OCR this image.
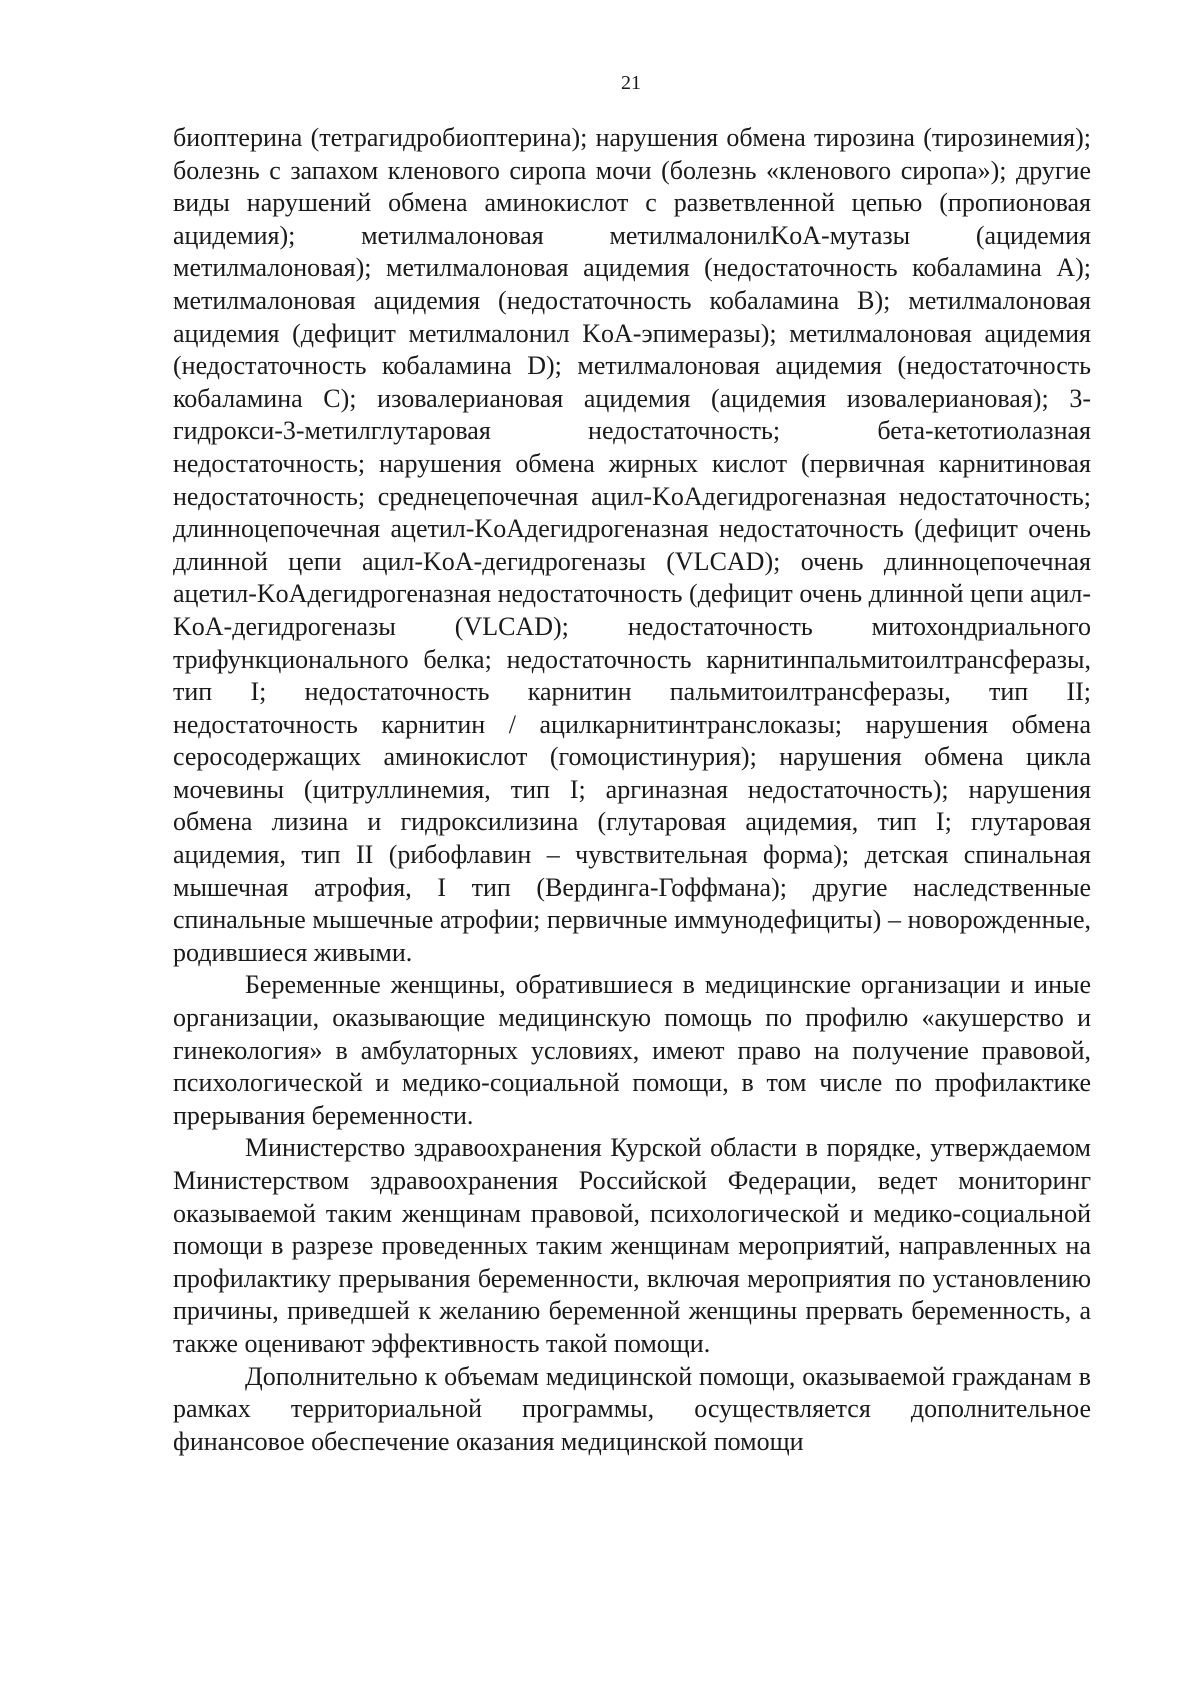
21

биоптерина (тетрагидробиоптерина); нарушения обмена тирозина (тирозинемия); болезнь с запахом кленового сиропа мочи (болезнь «кленового сиропа»); другие виды нарушений обмена аминокислот с разветвленной цепью (пропионовая ацидемия); метилмалоновая метилмалонилKoA-мутазы (ацидемия метилмалоновая); метилмалоновая ацидемия (недостаточность кобаламина A); метилмалоновая ацидемия (недостаточность кобаламина B); метилмалоновая ацидемия (дефицит метилмалонил KoA-эпимеразы); метилмалоновая ацидемия (недостаточность кобаламина D); метилмалоновая ацидемия (недостаточность кобаламина C); изовалериановая ацидемия (ацидемия изовалериановая); 3-гидрокси-3-метилглутаровая недостаточность; бета-кетотиолазная недостаточность; нарушения обмена жирных кислот (первичная карнитиновая недостаточность; среднецепочечная ацил-KoAдегидрогеназная недостаточность; длинноцепочечная ацетил-KoAдегидрогеназная недостаточность (дефицит очень длинной цепи ацил-KoA-дегидрогеназы (VLCAD); очень длинноцепочечная ацетил-KoAдегидрогеназная недостаточность (дефицит очень длинной цепи ацил-KoA-дегидрогеназы (VLCAD); недостаточность митохондриального трифункционального белка; недостаточность карнитинпальмитоилтрансферазы, тип I; недостаточность карнитин пальмитоилтрансферазы, тип II; недостаточность карнитин / ацилкарнитинтранслоказы; нарушения обмена серосодержащих аминокислот (гомоцистинурия); нарушения обмена цикла мочевины (цитруллинемия, тип I; аргиназная недостаточность); нарушения обмена лизина и гидроксилизина (глутаровая ацидемия, тип I; глутаровая ацидемия, тип II (рибофлавин – чувствительная форма); детская спинальная мышечная атрофия, I тип (Вердинга-Гоффмана); другие наследственные спинальные мышечные атрофии; первичные иммунодефициты) – новорожденные, родившиеся живыми.

Беременные женщины, обратившиеся в медицинские организации и иные организации, оказывающие медицинскую помощь по профилю «акушерство и гинекология» в амбулаторных условиях, имеют право на получение правовой, психологической и медико-социальной помощи, в том числе по профилактике прерывания беременности.

Министерство здравоохранения Курской области в порядке, утверждаемом Министерством здравоохранения Российской Федерации, ведет мониторинг оказываемой таким женщинам правовой, психологической и медико-социальной помощи в разрезе проведенных таким женщинам мероприятий, направленных на профилактику прерывания беременности, включая мероприятия по установлению причины, приведшей к желанию беременной женщины прервать беременность, а также оценивают эффективность такой помощи.

Дополнительно к объемам медицинской помощи, оказываемой гражданам в рамках территориальной программы, осуществляется дополнительное финансовое обеспечение оказания медицинской помощи
